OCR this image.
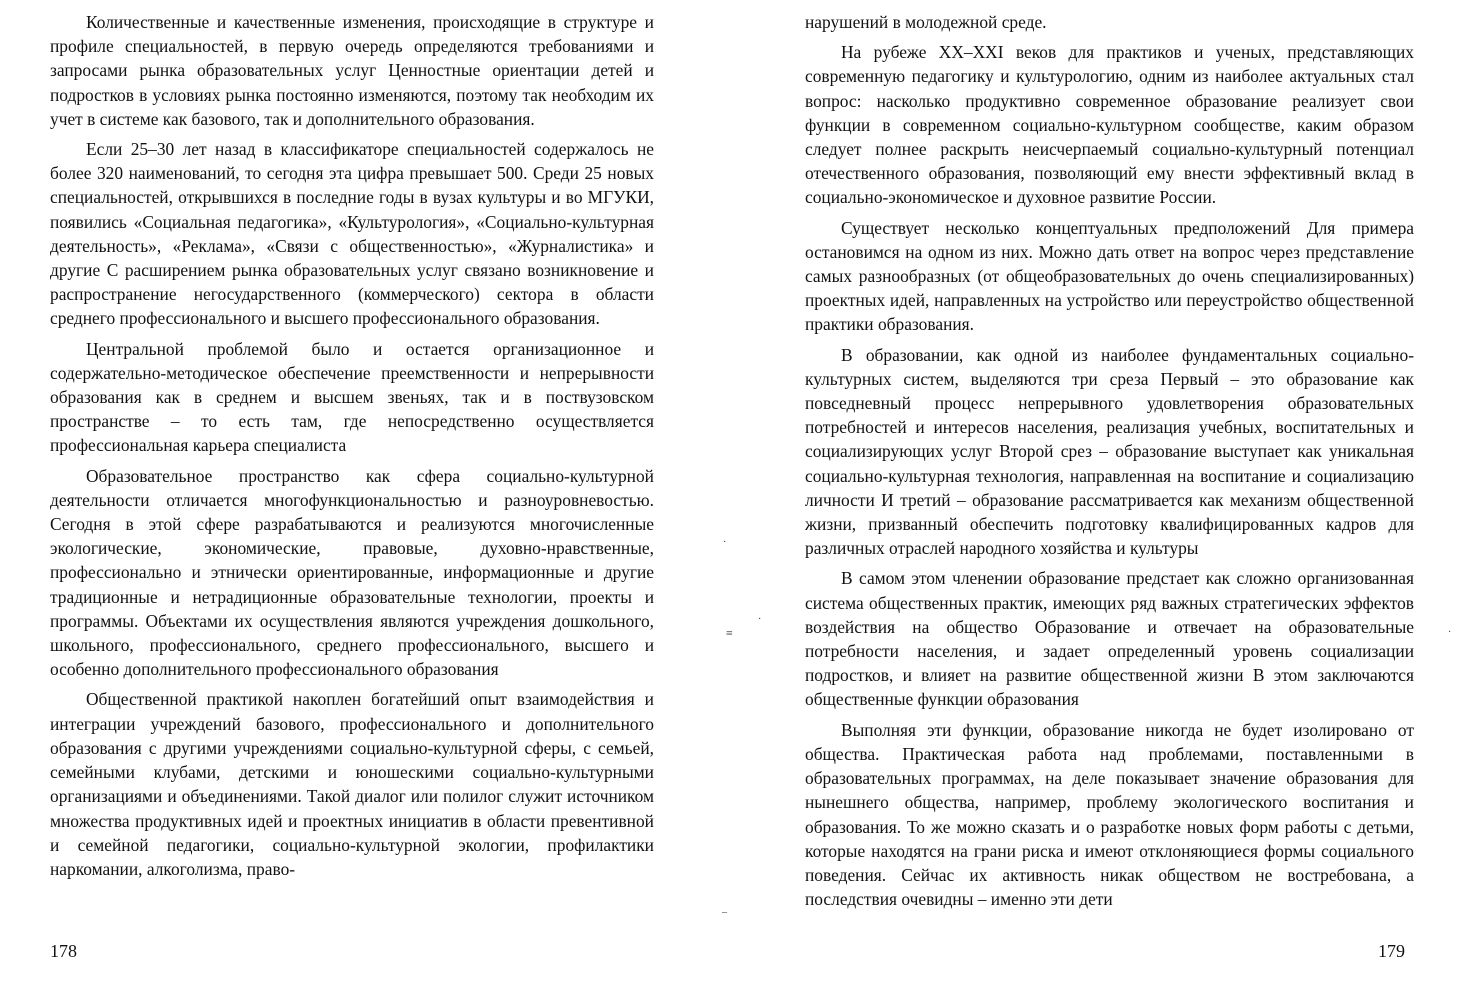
Количественные и качественные изменения, происходящие в структуре и профиле специальностей, в первую очередь определяются требованиями и запросами рынка образовательных услуг Ценностные ориентации детей и подростков в условиях рынка постоянно изменяются, поэтому так необходим их учет в системе как базового, так и дополнительного образования.

Если 25–30 лет назад в классификаторе специальностей содержалось не более 320 наименований, то сегодня эта цифра превышает 500. Среди 25 новых специальностей, открывшихся в последние годы в вузах культуры и во МГУКИ, появились «Социальная педагогика», «Культурология», «Социально-культурная деятельность», «Реклама», «Связи с общественностью», «Журналистика» и другие С расширением рынка образовательных услуг связано возникновение и распространение негосударственного (коммерческого) сектора в области среднего профессионального и высшего профессионального образования.

Центральной проблемой было и остается организационное и содержательно-методическое обеспечение преемственности и непрерывности образования как в среднем и высшем звеньях, так и в поствузовском пространстве – то есть там, где непосредственно осуществляется профессиональная карьера специалиста

Образовательное пространство как сфера социально-культурной деятельности отличается многофункциональностью и разноуровневостью. Сегодня в этой сфере разрабатываются и реализуются многочисленные экологические, экономические, правовые, духовно-нравственные, профессионально и этнически ориентированные, информационные и другие традиционные и нетрадиционные образовательные технологии, проекты и программы. Объектами их осуществления являются учреждения дошкольного, школьного, профессионального, среднего профессионального, высшего и особенно дополнительного профессионального образования

Общественной практикой накоплен богатейший опыт взаимодействия и интеграции учреждений базового, профессионального и дополнительного образования с другими учреждениями социально-культурной сферы, с семьей, семейными клубами, детскими и юношескими социально-культурными организациями и объединениями. Такой диалог или полилог служит источником множества продуктивных идей и проектных инициатив в области превентивной и семейной педагогики, социально-культурной экологии, профилактики наркомании, алкоголизма, право-

178

нарушений в молодежной среде.

На рубеже XX–XXI веков для практиков и ученых, представляющих современную педагогику и культурологию, одним из наиболее актуальных стал вопрос: насколько продуктивно современное образование реализует свои функции в современном социально-культурном сообществе, каким образом следует полнее раскрыть неисчерпаемый социально-культурный потенциал отечественного образования, позволяющий ему внести эффективный вклад в социально-экономическое и духовное развитие России.

Существует несколько концептуальных предположений Для примера остановимся на одном из них. Можно дать ответ на вопрос через представление самых разнообразных (от общеобразовательных до очень специализированных) проектных идей, направленных на устройство или переустройство общественной практики образования.

В образовании, как одной из наиболее фундаментальных социально-культурных систем, выделяются три среза Первый – это образование как повседневный процесс непрерывного удовлетворения образовательных потребностей и интересов населения, реализация учебных, воспитательных и социализирующих услуг Второй срез – образование выступает как уникальная социально-культурная технология, направленная на воспитание и социализацию личности И третий – образование рассматривается как механизм общественной жизни, призванный обеспечить подготовку квалифицированных кадров для различных отраслей народного хозяйства и культуры

В самом этом членении образование предстает как сложно организованная система общественных практик, имеющих ряд важных стратегических эффектов воздействия на общество Образование и отвечает на образовательные потребности населения, и задает определенный уровень социализации подростков, и влияет на развитие общественной жизни В этом заключаются общественные функции образования

Выполняя эти функции, образование никогда не будет изолировано от общества. Практическая работа над проблемами, поставленными в образовательных программах, на деле показывает значение образования для нынешнего общества, например, проблему экологического воспитания и образования. То же можно сказать и о разработке новых форм работы с детьми, которые находятся на грани риска и имеют отклоняющиеся формы социального поведения. Сейчас их активность никак обществом не востребована, а последствия очевидны – именно эти дети

179
·
·
≡
–
·
